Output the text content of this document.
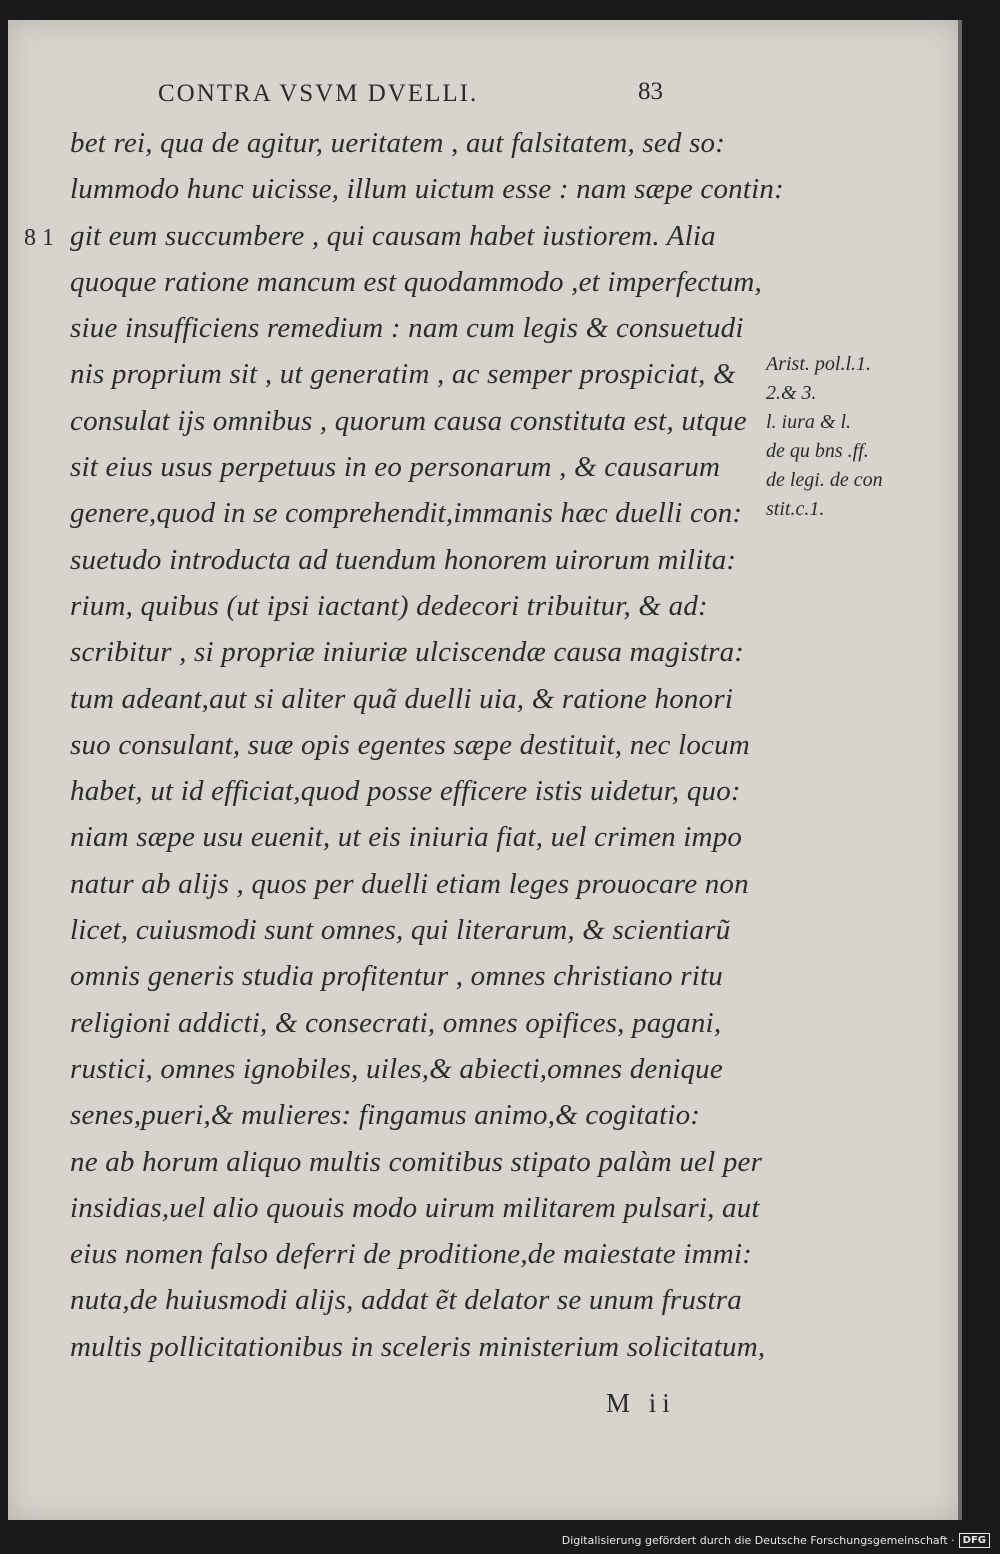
CONTRA VSVM DVELLI.	83
8 1
bet rei, qua de agitur, ueritatem , aut falsitatem, sed so:
lummodo hunc uicisse, illum uictum esse : nam sæpe contin:
git eum succumbere , qui causam habet iustiorem. Alia
quoque ratione mancum est quodammodo ,et imperfectum,
siue insufficiens remedium : nam cum legis & consuetudi
nis proprium sit , ut generatim , ac semper prospiciat, &
consulat ijs omnibus , quorum causa constituta est, utque
sit eius usus perpetuus in eo personarum , & causarum
genere,quod in se comprehendit,immanis hæc duelli con:
suetudo introducta ad tuendum honorem uirorum milita:
rium, quibus (ut ipsi iactant) dedecori tribuitur, & ad:
scribitur , si propriæ iniuriæ ulciscendæ causa magistra:
tum adeant,aut si aliter quã duelli uia, & ratione honori
suo consulant, suæ opis egentes sæpe destituit, nec locum
habet, ut id efficiat,quod posse efficere istis uidetur, quo:
niam sæpe usu euenit, ut eis iniuria fiat, uel crimen impo
natur ab alijs , quos per duelli etiam leges prouocare non
licet, cuiusmodi sunt omnes, qui literarum, & scientiarũ
omnis generis studia profitentur , omnes christiano ritu
religioni addicti, & consecrati, omnes opifices, pagani,
rustici, omnes ignobiles, uiles,& abiecti,omnes denique
senes,pueri,& mulieres: fingamus animo,& cogitatio:
ne ab horum aliquo multis comitibus stipato palàm uel per
insidias,uel alio quouis modo uirum militarem pulsari, aut
eius nomen falso deferri de proditione,de maiestate immi:
nuta,de huiusmodi alijs, addat ẽt delator se unum frustra
multis pollicitationibus in sceleris ministerium solicitatum,
Arist. pol.l.1.
2.& 3.
l. iura & l.
de qu bns .ff.
de legi. de con
stit.c.1.
M ii
Digitalisierung gefördert durch die Deutsche Forschungsgemeinschaft · DFG
